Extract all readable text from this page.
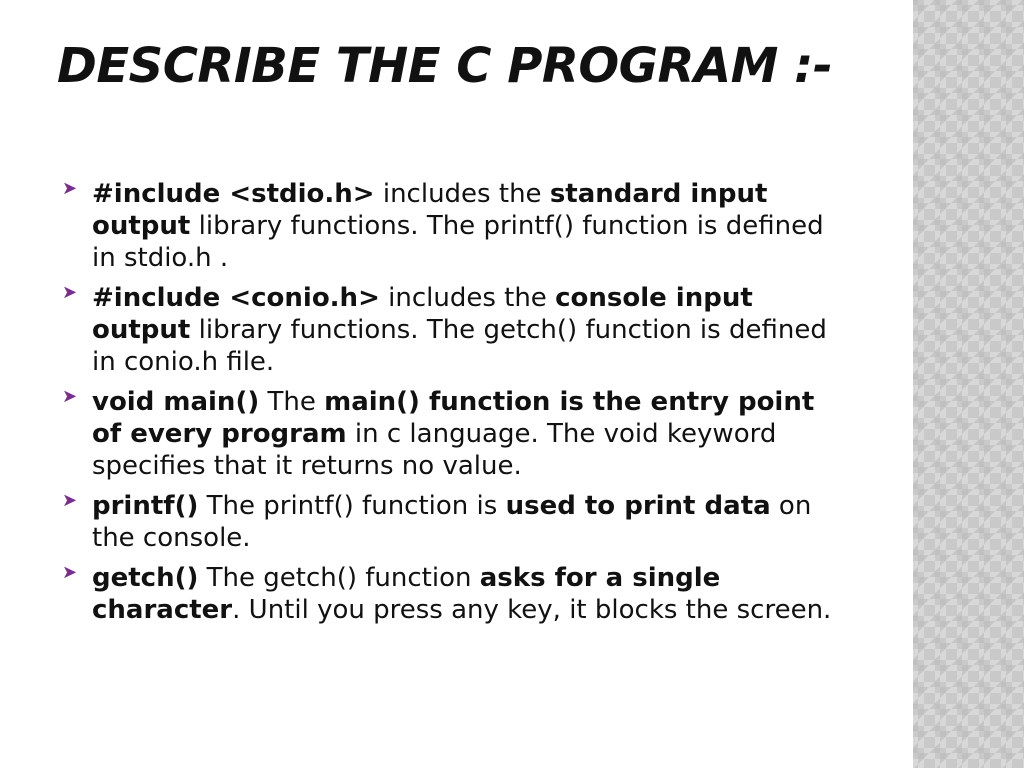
DESCRIBE THE C PROGRAM :-
➤ #include <stdio.h> includes the standard input output library functions. The printf() function is defined in stdio.h .
➤ #include <conio.h> includes the console input output library functions. The getch() function is defined in conio.h file.
➤ void main() The main() function is the entry point of every program in c language. The void keyword specifies that it returns no value.
➤ printf() The printf() function is used to print data on the console.
➤ getch() The getch() function asks for a single character. Until you press any key, it blocks the screen.
